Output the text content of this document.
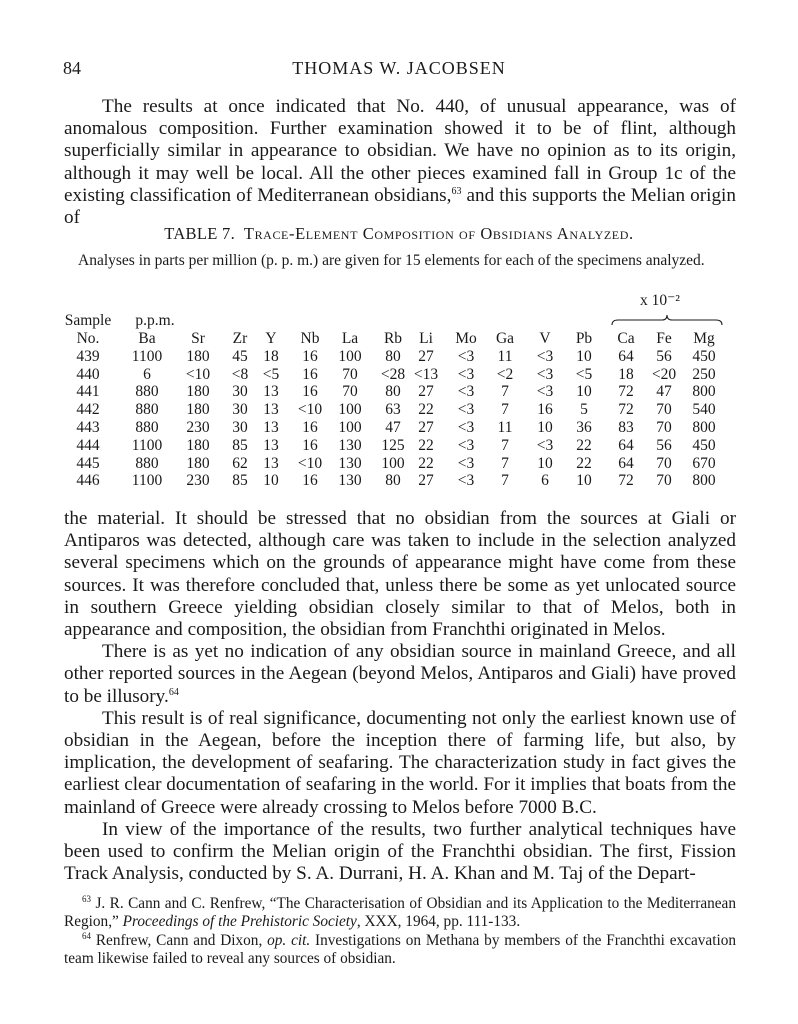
84	THOMAS W. JACOBSEN

The results at once indicated that No. 440, of unusual appearance, was of anomalous composition. Further examination showed it to be of flint, although superficially similar in appearance to obsidian. We have no opinion as to its origin, although it may well be local. All the other pieces examined fall in Group 1c of the existing classification of Mediterranean obsidians,$^{63}$ and this supports the Melian origin of

TABLE 7. Trace-Element Composition of Obsidians Analyzed.
Analyses in parts per million (p. p. m.) are given for 15 elements for each of the specimens analyzed.
Sample p.p.m.
No.	Ba Sr Zr Y Nb La Rb Li Mo Ga V Pb Ca Fe Mg
439 1100 180 45 18 16 100 80 27 <3 11 <3 10 64 56 450
440	6 <10 <8 <5 16 70 <28 <13 <3 <2 <3 <5 18 <20 250
441 880 180 30 13 16 70 80 27 <3 7 <3 10 72 47 800
442 880 180 30 13 <10 100 63 22 <3 7 16 5 72 70 540
443 880 230 30 13 16 100 47 27 <3 11 10 36 83 70 800
444 1100 180 85 13 16 130 125 22 <3 7 <3 22 64 56 450
445 880 180 62 13 <10 130 100 22 <3 7 10 22 64 70 670
446 1100 230 85 10 16 130 80 27 <3 7 6 10 72 70 800
x 10⁻²

the material. It should be stressed that no obsidian from the sources at Giali or Antiparos was detected, although care was taken to include in the selection analyzed several specimens which on the grounds of appearance might have come from these sources. It was therefore concluded that, unless there be some as yet unlocated source in southern Greece yielding obsidian closely similar to that of Melos, both in appearance and composition, the obsidian from Franchthi originated in Melos.

There is as yet no indication of any obsidian source in mainland Greece, and all other reported sources in the Aegean (beyond Melos, Antiparos and Giali) have proved to be illusory.$^{64}$

This result is of real significance, documenting not only the earliest known use of obsidian in the Aegean, before the inception there of farming life, but also, by implication, the development of seafaring. The characterization study in fact gives the earliest clear documentation of seafaring in the world. For it implies that boats from the mainland of Greece were already crossing to Melos before 7000 B.C.

In view of the importance of the results, two further analytical techniques have been used to confirm the Melian origin of the Franchthi obsidian. The first, Fission Track Analysis, conducted by S. A. Durrani, H. A. Khan and M. Taj of the Depart-

$^{63}$ J. R. Cann and C. Renfrew, “The Characterisation of Obsidian and its Application to the Mediterranean Region,” Proceedings of the Prehistoric Society, XXX, 1964, pp. 111-133.

$^{64}$ Renfrew, Cann and Dixon, op. cit. Investigations on Methana by members of the Franchthi excavation team likewise failed to reveal any sources of obsidian.
